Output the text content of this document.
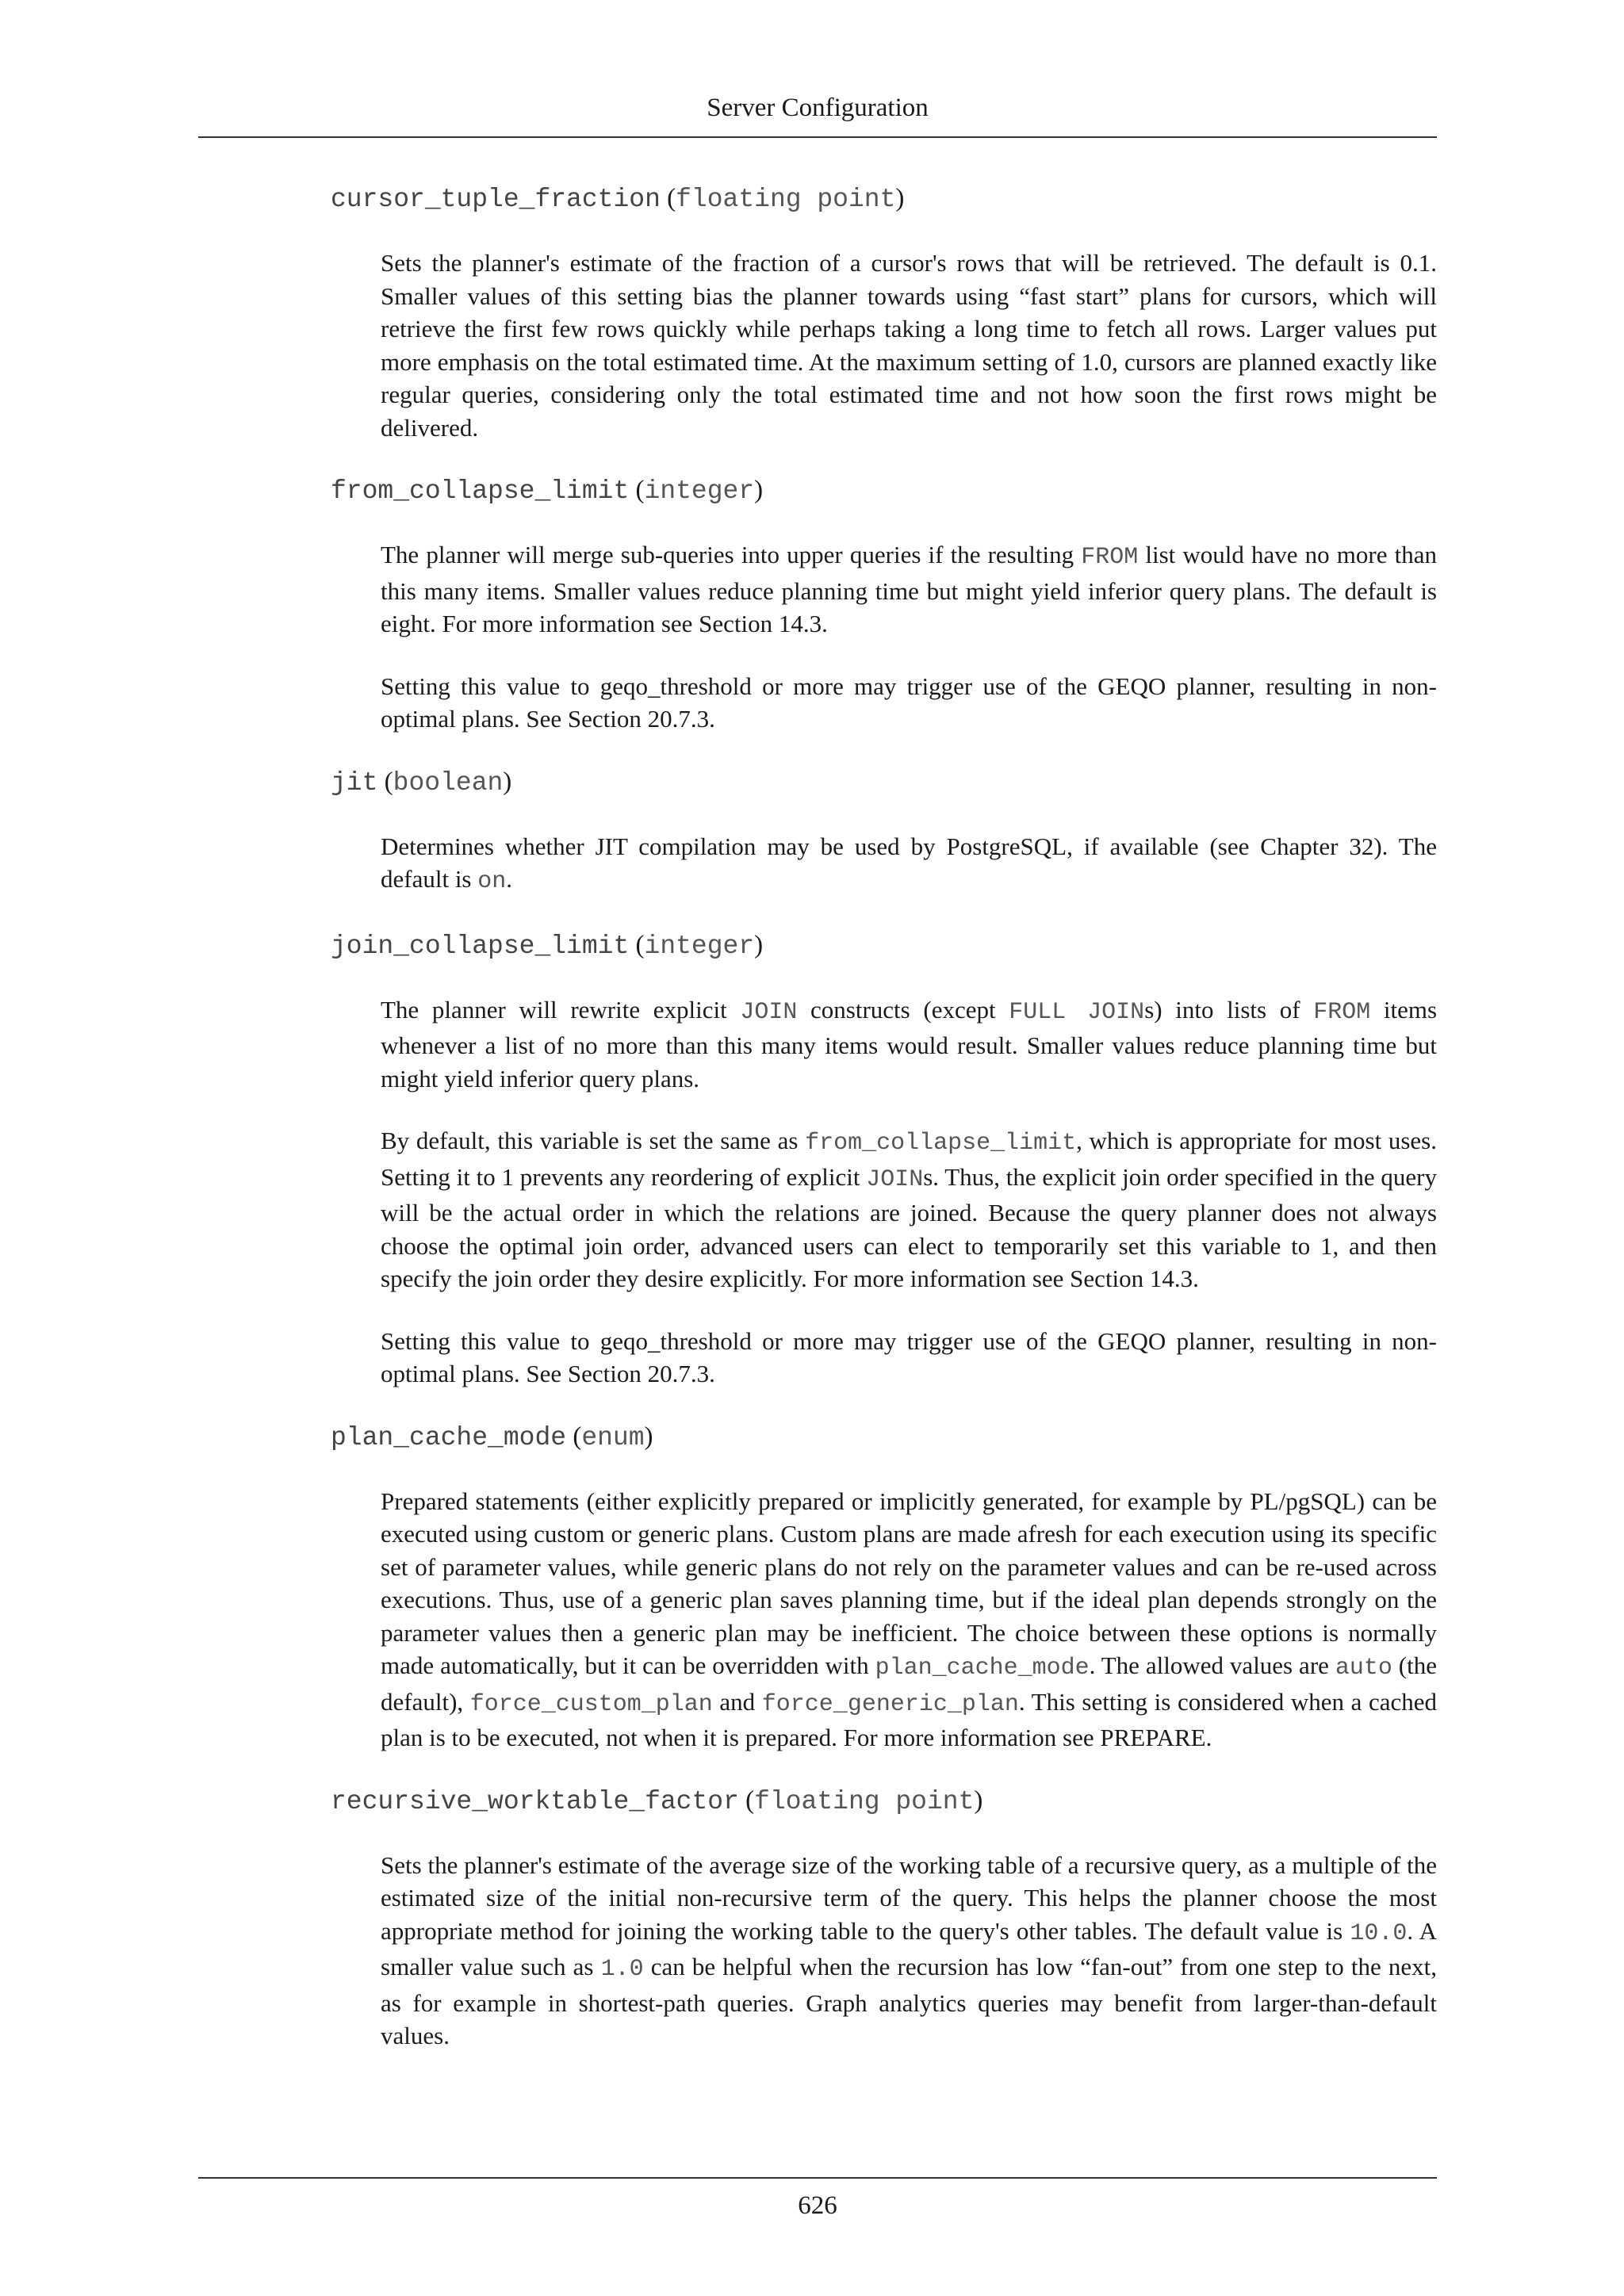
Server Configuration
cursor_tuple_fraction (floating point)

Sets the planner's estimate of the fraction of a cursor's rows that will be retrieved. The default is 0.1. Smaller values of this setting bias the planner towards using “fast start” plans for cursors, which will retrieve the first few rows quickly while perhaps taking a long time to fetch all rows. Larger values put more emphasis on the total estimated time. At the maximum setting of 1.0, cursors are planned exactly like regular queries, considering only the total estimated time and not how soon the first rows might be delivered.

from_collapse_limit (integer)

The planner will merge sub-queries into upper queries if the resulting FROM list would have no more than this many items. Smaller values reduce planning time but might yield inferior query plans. The default is eight. For more information see Section 14.3.

Setting this value to geqo_threshold or more may trigger use of the GEQO planner, resulting in non-optimal plans. See Section 20.7.3.

jit (boolean)

Determines whether JIT compilation may be used by PostgreSQL, if available (see Chapter 32). The default is on.

join_collapse_limit (integer)

The planner will rewrite explicit JOIN constructs (except FULL JOINs) into lists of FROM items whenever a list of no more than this many items would result. Smaller values reduce planning time but might yield inferior query plans.

By default, this variable is set the same as from_collapse_limit, which is appropriate for most uses. Setting it to 1 prevents any reordering of explicit JOINs. Thus, the explicit join order specified in the query will be the actual order in which the relations are joined. Because the query planner does not always choose the optimal join order, advanced users can elect to temporarily set this variable to 1, and then specify the join order they desire explicitly. For more information see Section 14.3.

Setting this value to geqo_threshold or more may trigger use of the GEQO planner, resulting in non-optimal plans. See Section 20.7.3.

plan_cache_mode (enum)

Prepared statements (either explicitly prepared or implicitly generated, for example by PL/pgSQL) can be executed using custom or generic plans. Custom plans are made afresh for each execution using its specific set of parameter values, while generic plans do not rely on the parameter values and can be re-used across executions. Thus, use of a generic plan saves planning time, but if the ideal plan depends strongly on the parameter values then a generic plan may be inefficient. The choice between these options is normally made automatically, but it can be overridden with plan_cache_mode. The allowed values are auto (the default), force_custom_plan and force_generic_plan. This setting is considered when a cached plan is to be executed, not when it is prepared. For more information see PREPARE.

recursive_worktable_factor (floating point)

Sets the planner's estimate of the average size of the working table of a recursive query, as a multiple of the estimated size of the initial non-recursive term of the query. This helps the planner choose the most appropriate method for joining the working table to the query's other tables. The default value is 10.0. A smaller value such as 1.0 can be helpful when the recursion has low “fan-out” from one step to the next, as for example in shortest-path queries. Graph analytics queries may benefit from larger-than-default values.

626
